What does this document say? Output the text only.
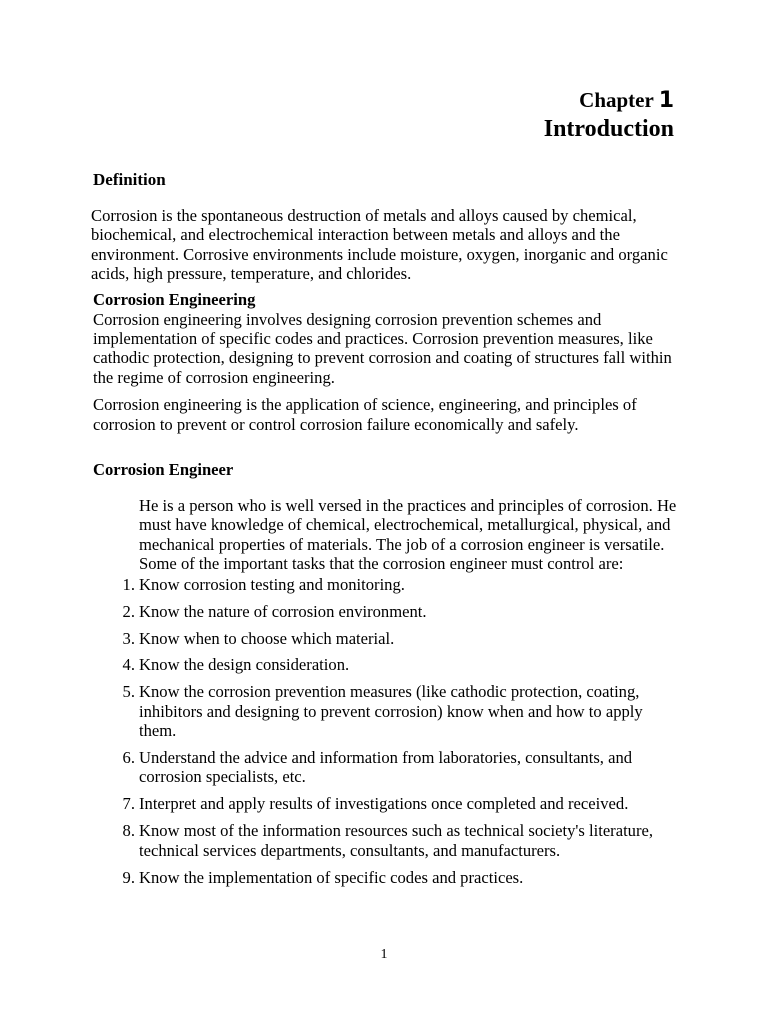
Chapter 1
Introduction
Definition

Corrosion is the spontaneous destruction of metals and alloys caused by chemical, biochemical, and electrochemical interaction between metals and alloys and the environment. Corrosive environments include moisture, oxygen, inorganic and organic acids, high pressure, temperature, and chlorides.

Corrosion Engineering

Corrosion engineering involves designing corrosion prevention schemes and implementation of specific codes and practices. Corrosion prevention measures, like cathodic protection, designing to prevent corrosion and coating of structures fall within the regime of corrosion engineering.

Corrosion engineering is the application of science, engineering, and principles of corrosion to prevent or control corrosion failure economically and safely.

Corrosion Engineer

He is a person who is well versed in the practices and principles of corrosion. He must have knowledge of chemical, electrochemical, metallurgical, physical, and mechanical properties of materials. The job of a corrosion engineer is versatile. Some of the important tasks that the corrosion engineer must control are:

1. Know corrosion testing and monitoring.
2. Know the nature of corrosion environment.
3. Know when to choose which material.
4. Know the design consideration.
5. Know the corrosion prevention measures (like cathodic protection, coating, inhibitors and designing to prevent corrosion) know when and how to apply them.
6. Understand the advice and information from laboratories, consultants, and corrosion specialists, etc.
7. Interpret and apply results of investigations once completed and received.
8. Know most of the information resources such as technical society's literature, technical services departments, consultants, and manufacturers.
9. Know the implementation of specific codes and practices.
1
